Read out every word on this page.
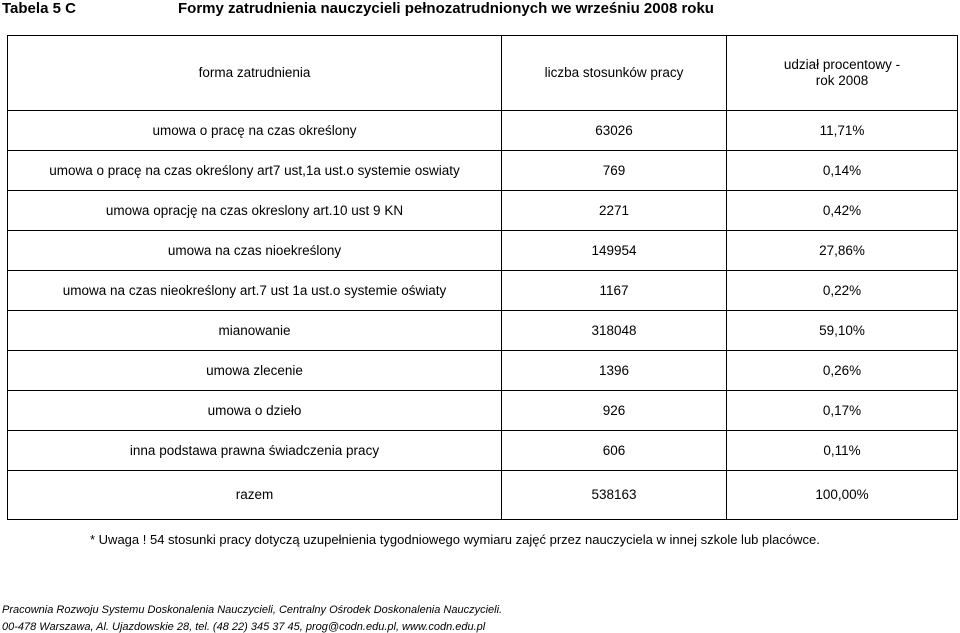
Tabela 5 C	Formy zatrudnienia nauczycieli pełnozatrudnionych we wrześniu 2008 roku
forma zatrudnienia	liczba stosunków pracy	udział procentowy -
rok 2008
umowa o pracę na czas określony	63026	11,71%
umowa o pracę na czas określony art7 ust,1a ust.o systemie oswiaty	769	0,14%
umowa oprację na czas okreslony art.10 ust 9 KN	2271	0,42%
umowa na czas nioekreślony	149954	27,86%
umowa na czas nieokreślony art.7 ust 1a ust.o systemie oświaty	1167	0,22%
mianowanie	318048	59,10%
umowa zlecenie	1396	0,26%
umowa o dzieło	926	0,17%
inna podstawa prawna świadczenia pracy	606	0,11%
razem	538163	100,00%
* Uwaga ! 54 stosunki pracy dotyczą uzupełnienia tygodniowego wymiaru zajęć przez nauczyciela w innej szkole lub placówce.
Pracownia Rozwoju Systemu Doskonalenia Nauczycieli, Centralny Ośrodek Doskonalenia Nauczycieli.
00-478 Warszawa, Al. Ujazdowskie 28, tel. (48 22) 345 37 45, prog@codn.edu.pl, www.codn.edu.pl
